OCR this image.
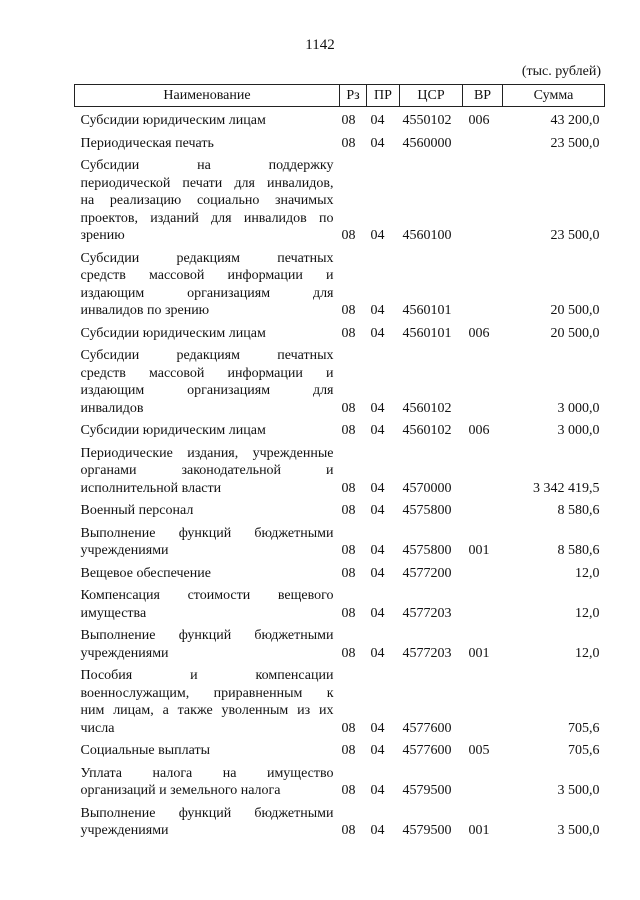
1142
(тыс. рублей)
Наименование	Рз	ПР	ЦСР	ВР	Сумма

Субсидии юридическим лицам	08	04	4550102	006	43 200,0

Периодическая печать	08	04	4560000		23 500,0

Субсидии на поддержку
периодической печати для инвалидов,
на реализацию социально значимых
проектов, изданий для инвалидов по
зрению	08	04	4560100		23 500,0

Субсидии редакциям печатных
средств массовой информации и
издающим организациям для
инвалидов по зрению	08	04	4560101		20 500,0

Субсидии юридическим лицам	08	04	4560101	006	20 500,0

Субсидии редакциям печатных
средств массовой информации и
издающим организациям для
инвалидов	08	04	4560102		3 000,0

Субсидии юридическим лицам	08	04	4560102	006	3 000,0

Периодические издания, учрежденные
органами законодательной и
исполнительной власти	08	04	4570000		3 342 419,5

Военный персонал	08	04	4575800		8 580,6

Выполнение функций бюджетными
учреждениями	08	04	4575800	001	8 580,6

Вещевое обеспечение	08	04	4577200		12,0

Компенсация стоимости вещевого
имущества	08	04	4577203		12,0

Выполнение функций бюджетными
учреждениями	08	04	4577203	001	12,0

Пособия и компенсации
военнослужащим, приравненным к
ним лицам, а также уволенным из их
числа	08	04	4577600		705,6

Социальные выплаты	08	04	4577600	005	705,6

Уплата налога на имущество
организаций и земельного налога	08	04	4579500		3 500,0

Выполнение функций бюджетными
учреждениями	08	04	4579500	001	3 500,0
